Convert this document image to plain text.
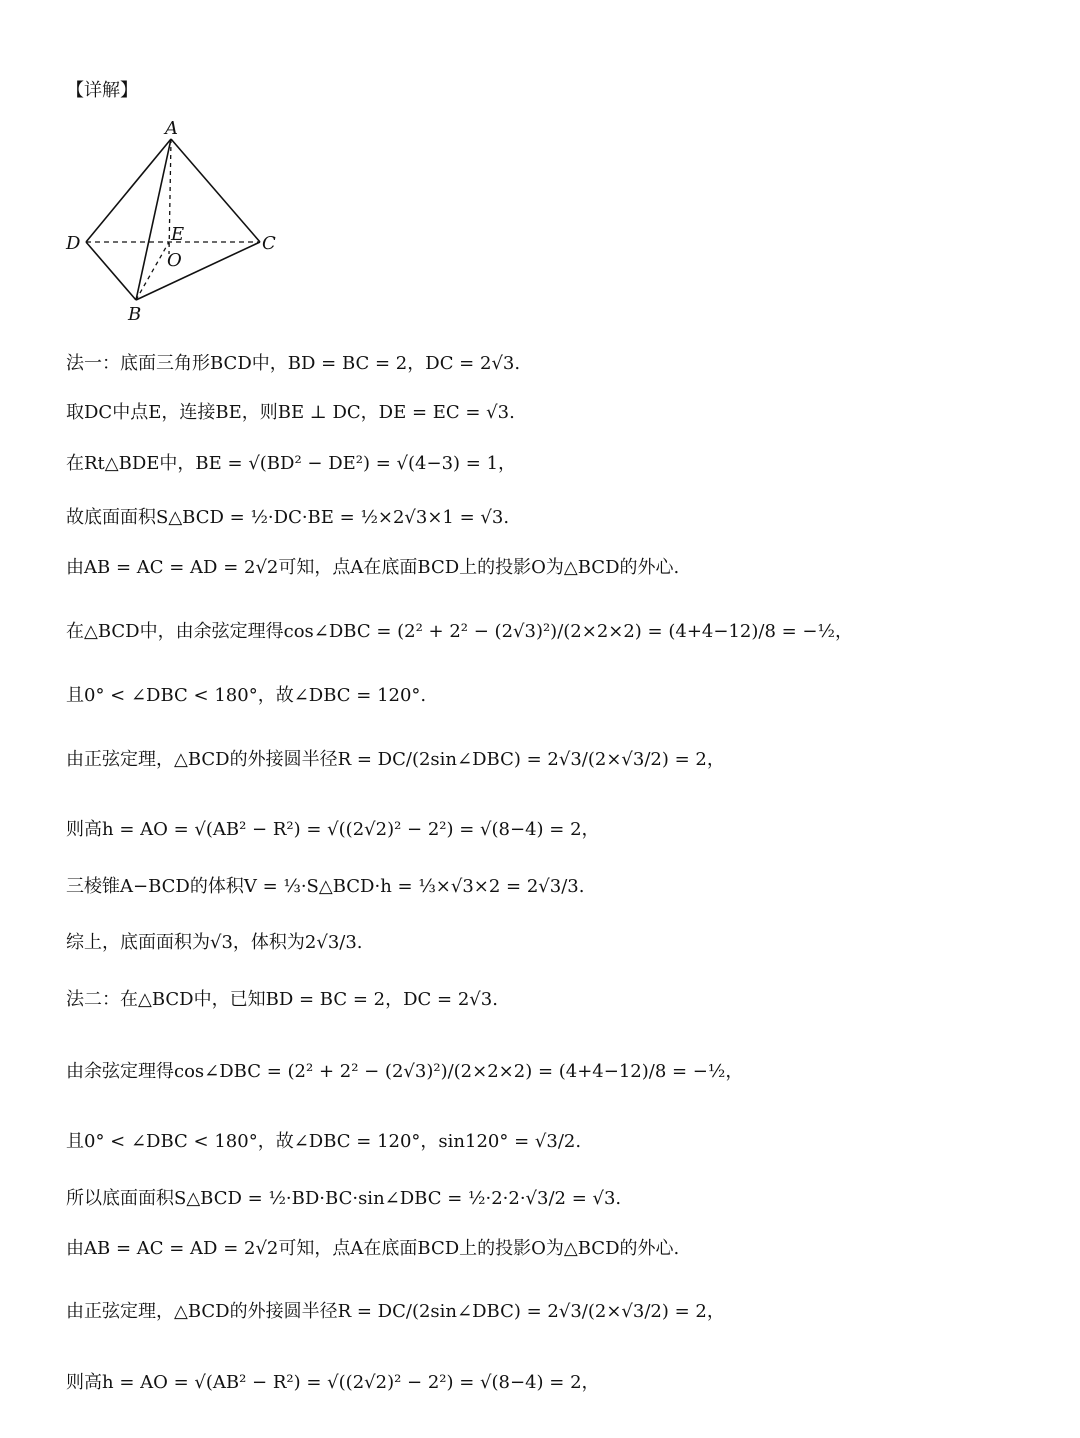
【详解】
A
D	C
E
O
B
法一：底面三角形BCD中，BD = BC = 2，DC = 2√3.
取DC中点E，连接BE，则BE ⊥ DC，DE = EC = √3.
在Rt△BDE中，BE = √(BD² − DE²) = √(4−3) = 1，
故底面面积S△BCD = ½·DC·BE = ½×2√3×1 = √3.
由AB = AC = AD = 2√2可知，点A在底面BCD上的投影O为△BCD的外心.
在△BCD中，由余弦定理得cos∠DBC = (2² + 2² − (2√3)²)/(2×2×2) = (4+4−12)/8 = −½，
且0° < ∠DBC < 180°，故∠DBC = 120°.
由正弦定理，△BCD的外接圆半径R = DC/(2sin∠DBC) = 2√3/(2×√3/2) = 2，
则高h = AO = √(AB² − R²) = √((2√2)² − 2²) = √(8−4) = 2，
三棱锥A−BCD的体积V = ⅓·S△BCD·h = ⅓×√3×2 = 2√3/3.
综上，底面面积为√3，体积为2√3/3.
法二：在△BCD中，已知BD = BC = 2，DC = 2√3.
由余弦定理得cos∠DBC = (2² + 2² − (2√3)²)/(2×2×2) = (4+4−12)/8 = −½，
且0° < ∠DBC < 180°，故∠DBC = 120°，sin120° = √3/2.
所以底面面积S△BCD = ½·BD·BC·sin∠DBC = ½·2·2·√3/2 = √3.
由AB = AC = AD = 2√2可知，点A在底面BCD上的投影O为△BCD的外心.
由正弦定理，△BCD的外接圆半径R = DC/(2sin∠DBC) = 2√3/(2×√3/2) = 2，
则高h = AO = √(AB² − R²) = √((2√2)² − 2²) = √(8−4) = 2，
